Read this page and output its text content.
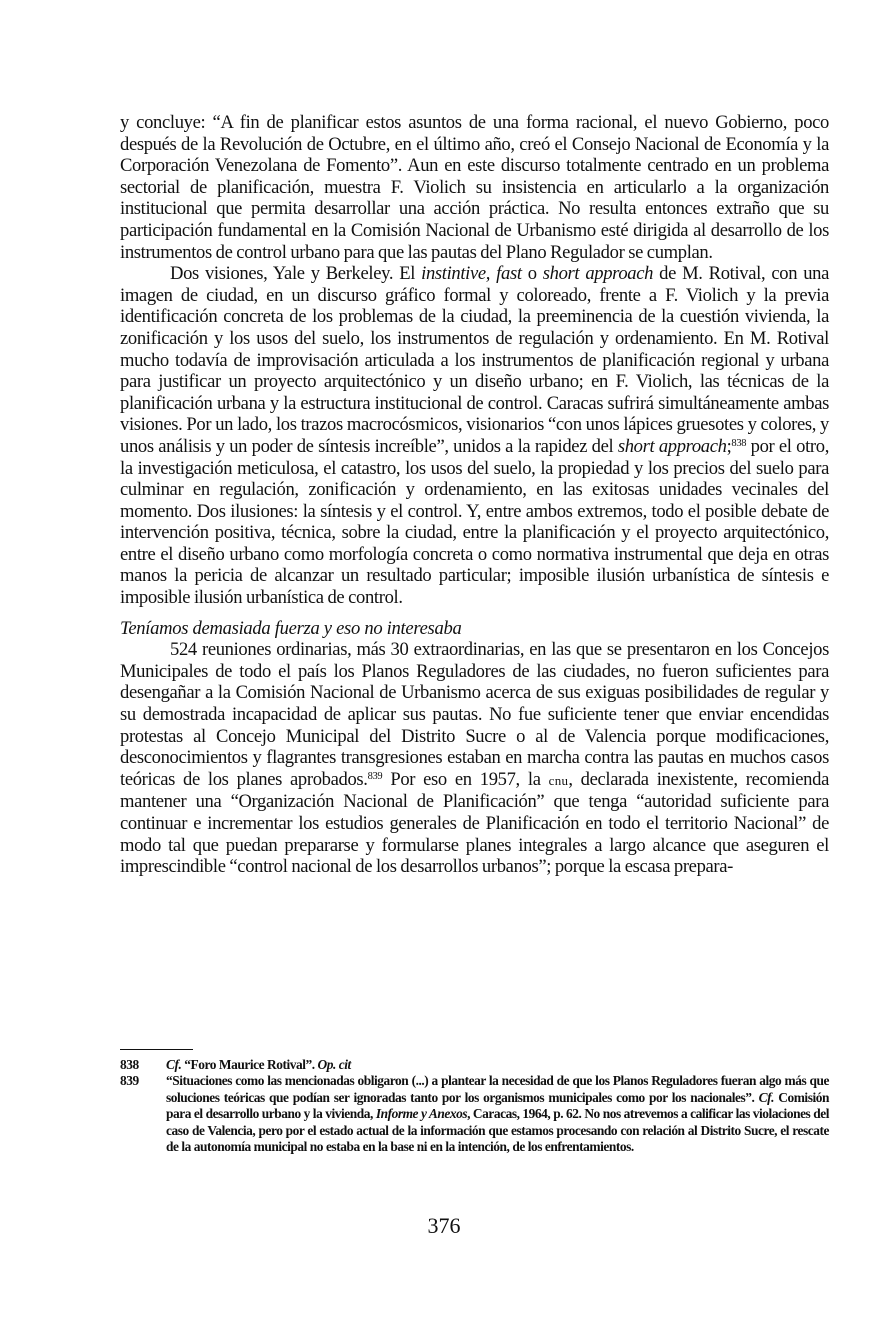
y concluye: “A fin de planificar estos asuntos de una forma racional, el nuevo Gobierno, poco después de la Revolución de Octubre, en el último año, creó el Consejo Nacional de Economía y la Corporación Venezolana de Fomento”. Aun en este discurso totalmente centrado en un problema sectorial de planificación, muestra F. Violich su insistencia en articularlo a la organización institucional que permita desarrollar una acción práctica. No resulta entonces extraño que su participación fundamental en la Comisión Nacional de Urbanismo esté dirigida al desarrollo de los instrumentos de control urbano para que las pautas del Plano Regulador se cumplan.

Dos visiones, Yale y Berkeley. El instintive, fast o short approach de M. Rotival, con una imagen de ciudad, en un discurso gráfico formal y coloreado, frente a F. Violich y la previa identificación concreta de los problemas de la ciudad, la preeminencia de la cuestión vivienda, la zonificación y los usos del suelo, los instrumentos de regulación y ordenamiento. En M. Rotival mucho todavía de improvisación articulada a los instrumentos de planificación regional y urbana para justificar un proyecto arquitectónico y un diseño urbano; en F. Violich, las técnicas de la planificación urbana y la estructura institucional de control. Caracas sufrirá simultáneamente ambas visiones. Por un lado, los trazos macrocósmicos, visionarios “con unos lápices gruesotes y colores, y unos análisis y un poder de síntesis increíble”, unidos a la rapidez del short approach;$^{838}$ por el otro, la investigación meticulosa, el catastro, los usos del suelo, la propiedad y los precios del suelo para culminar en regulación, zonificación y ordenamiento, en las exitosas unidades vecinales del momento. Dos ilusiones: la síntesis y el control. Y, entre ambos extremos, todo el posible debate de intervención positiva, técnica, sobre la ciudad, entre la planificación y el proyecto arquitectónico, entre el diseño urbano como morfología concreta o como normativa instrumental que deja en otras manos la pericia de alcanzar un resultado particular; imposible ilusión urbanística de síntesis e imposible ilusión urbanística de control.

Teníamos demasiada fuerza y eso no interesaba

524 reuniones ordinarias, más 30 extraordinarias, en las que se presentaron en los Concejos Municipales de todo el país los Planos Reguladores de las ciudades, no fueron suficientes para desengañar a la Comisión Nacional de Urbanismo acerca de sus exiguas posibilidades de regular y su demostrada incapacidad de aplicar sus pautas. No fue suficiente tener que enviar encendidas protestas al Concejo Municipal del Distrito Sucre o al de Valencia porque modificaciones, desconocimientos y flagrantes transgresiones estaban en marcha contra las pautas en muchos casos teóricas de los planes aprobados.$^{839}$ Por eso en 1957, la cnu, declarada inexistente, recomienda mantener una “Organización Nacional de Planificación” que tenga “autoridad suficiente para continuar e incrementar los estudios generales de Planificación en todo el territorio Nacional” de modo tal que puedan prepararse y formularse planes integrales a largo alcance que aseguren el imprescindible “control nacional de los desarrollos urbanos”; porque la escasa prepara-

838	Cf. “Foro Maurice Rotival”. Op. cit
839	“Situaciones como las mencionadas obligaron (...) a plantear la necesidad de que los Planos Reguladores fueran algo más que soluciones teóricas que podían ser ignoradas tanto por los organismos municipales como por los nacionales”. Cf. Comisión para el desarrollo urbano y la vivienda, Informe y Anexos, Caracas, 1964, p. 62. No nos atrevemos a calificar las violaciones del caso de Valencia, pero por el estado actual de la información que estamos procesando con relación al Distrito Sucre, el rescate de la autonomía municipal no estaba en la base ni en la intención, de los enfrentamientos.
376
